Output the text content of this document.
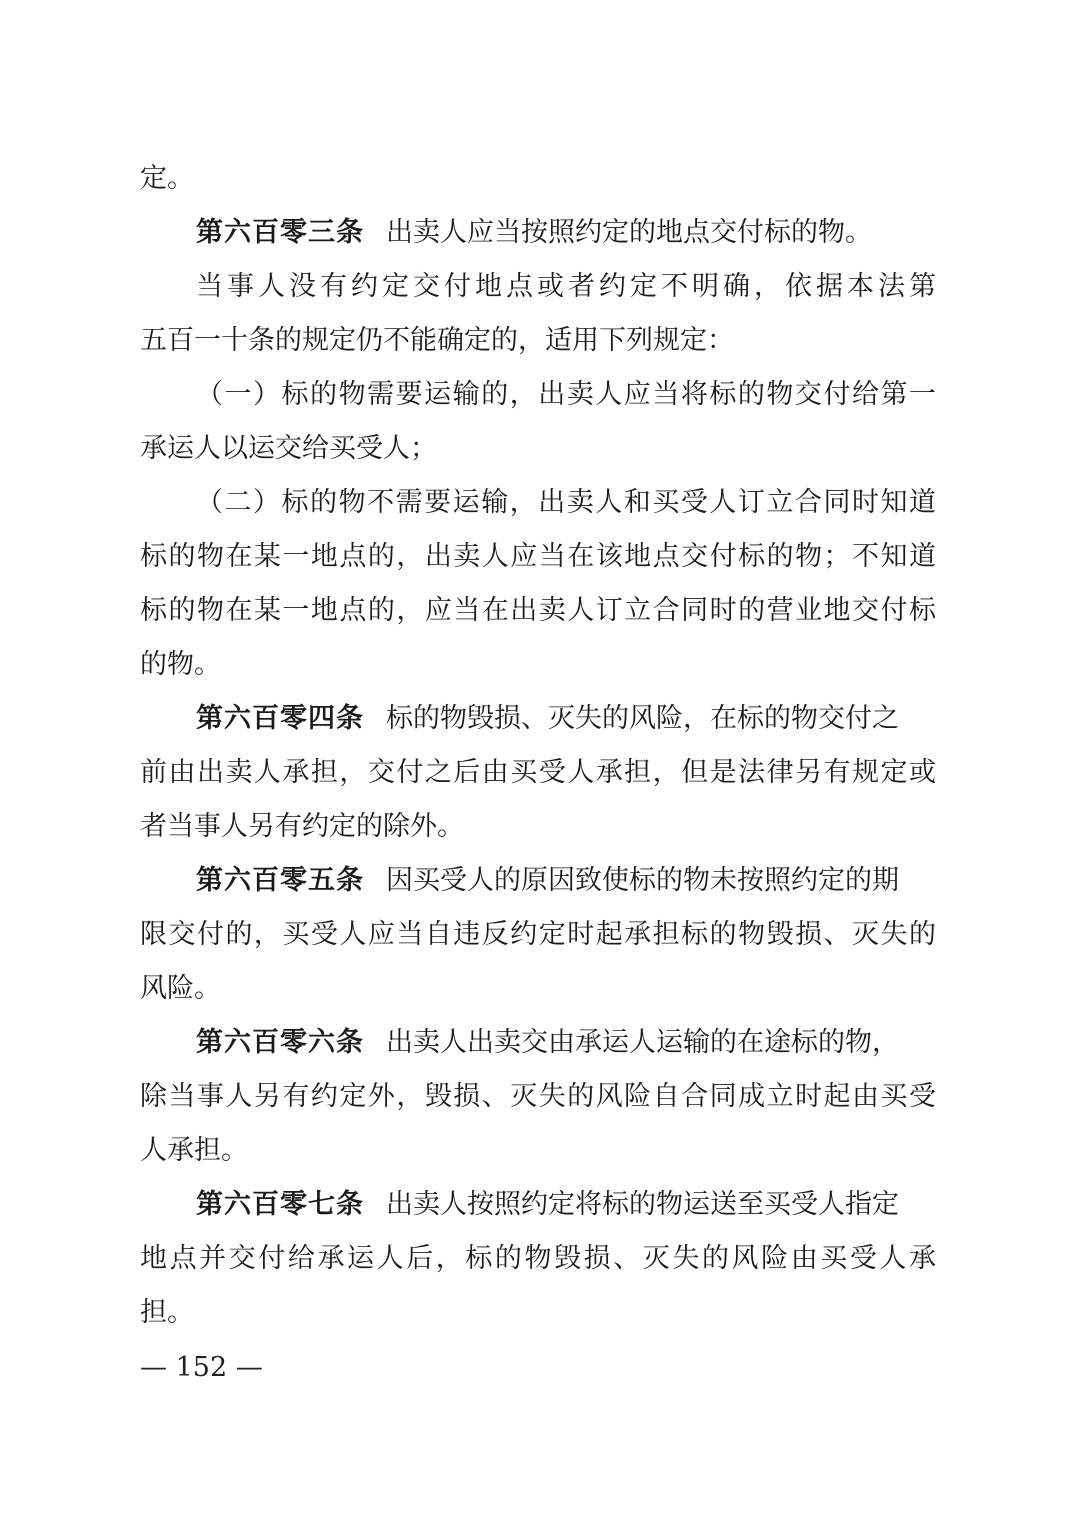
定。
第六百零三条 出卖人应当按照约定的地点交付标的物。
当事人没有约定交付地点或者约定不明确，依据本法第
五百一十条的规定仍不能确定的，适用下列规定：
（一）标的物需要运输的，出卖人应当将标的物交付给第一
承运人以运交给买受人；
（二）标的物不需要运输，出卖人和买受人订立合同时知道
标的物在某一地点的，出卖人应当在该地点交付标的物；不知道
标的物在某一地点的，应当在出卖人订立合同时的营业地交付标
的物。
第六百零四条 标的物毁损、灭失的风险，在标的物交付之
前由出卖人承担，交付之后由买受人承担，但是法律另有规定或
者当事人另有约定的除外。
第六百零五条 因买受人的原因致使标的物未按照约定的期
限交付的，买受人应当自违反约定时起承担标的物毁损、灭失的
风险。
第六百零六条 出卖人出卖交由承运人运输的在途标的物，
除当事人另有约定外，毁损、灭失的风险自合同成立时起由买受
人承担。
第六百零七条 出卖人按照约定将标的物运送至买受人指定
地点并交付给承运人后，标的物毁损、灭失的风险由买受人承
担。
— 152 —
